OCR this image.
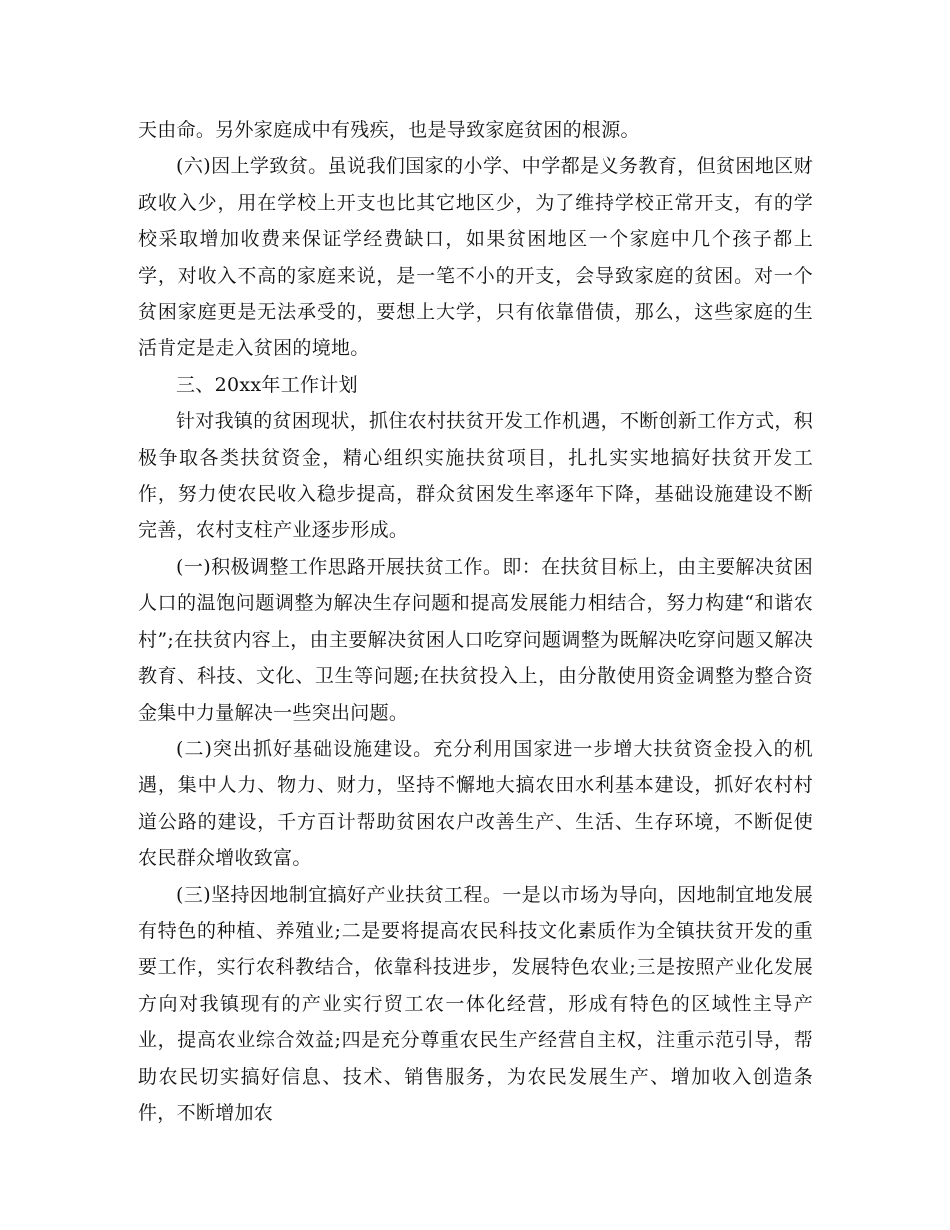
天由命。另外家庭成中有残疾，也是导致家庭贫困的根源。

(六)因上学致贫。虽说我们国家的小学、中学都是义务教育，但贫困地区财政收入少，用在学校上开支也比其它地区少，为了维持学校正常开支，有的学校采取增加收费来保证学经费缺口，如果贫困地区一个家庭中几个孩子都上学，对收入不高的家庭来说，是一笔不小的开支，会导致家庭的贫困。对一个贫困家庭更是无法承受的，要想上大学，只有依靠借债，那么，这些家庭的生活肯定是走入贫困的境地。

三、20xx年工作计划

针对我镇的贫困现状，抓住农村扶贫开发工作机遇，不断创新工作方式，积极争取各类扶贫资金，精心组织实施扶贫项目，扎扎实实地搞好扶贫开发工作，努力使农民收入稳步提高，群众贫困发生率逐年下降，基础设施建设不断完善，农村支柱产业逐步形成。

(一)积极调整工作思路开展扶贫工作。即：在扶贫目标上，由主要解决贫困人口的温饱问题调整为解决生存问题和提高发展能力相结合，努力构建“和谐农村”;在扶贫内容上，由主要解决贫困人口吃穿问题调整为既解决吃穿问题又解决教育、科技、文化、卫生等问题;在扶贫投入上，由分散使用资金调整为整合资金集中力量解决一些突出问题。

(二)突出抓好基础设施建设。充分利用国家进一步增大扶贫资金投入的机遇，集中人力、物力、财力，坚持不懈地大搞农田水利基本建设，抓好农村村道公路的建设，千方百计帮助贫困农户改善生产、生活、生存环境，不断促使农民群众增收致富。

(三)坚持因地制宜搞好产业扶贫工程。一是以市场为导向，因地制宜地发展有特色的种植、养殖业;二是要将提高农民科技文化素质作为全镇扶贫开发的重要工作，实行农科教结合，依靠科技进步，发展特色农业;三是按照产业化发展方向对我镇现有的产业实行贸工农一体化经营，形成有特色的区域性主导产业，提高农业综合效益;四是充分尊重农民生产经营自主权，注重示范引导，帮助农民切实搞好信息、技术、销售服务，为农民发展生产、增加收入创造条件，不断增加农
